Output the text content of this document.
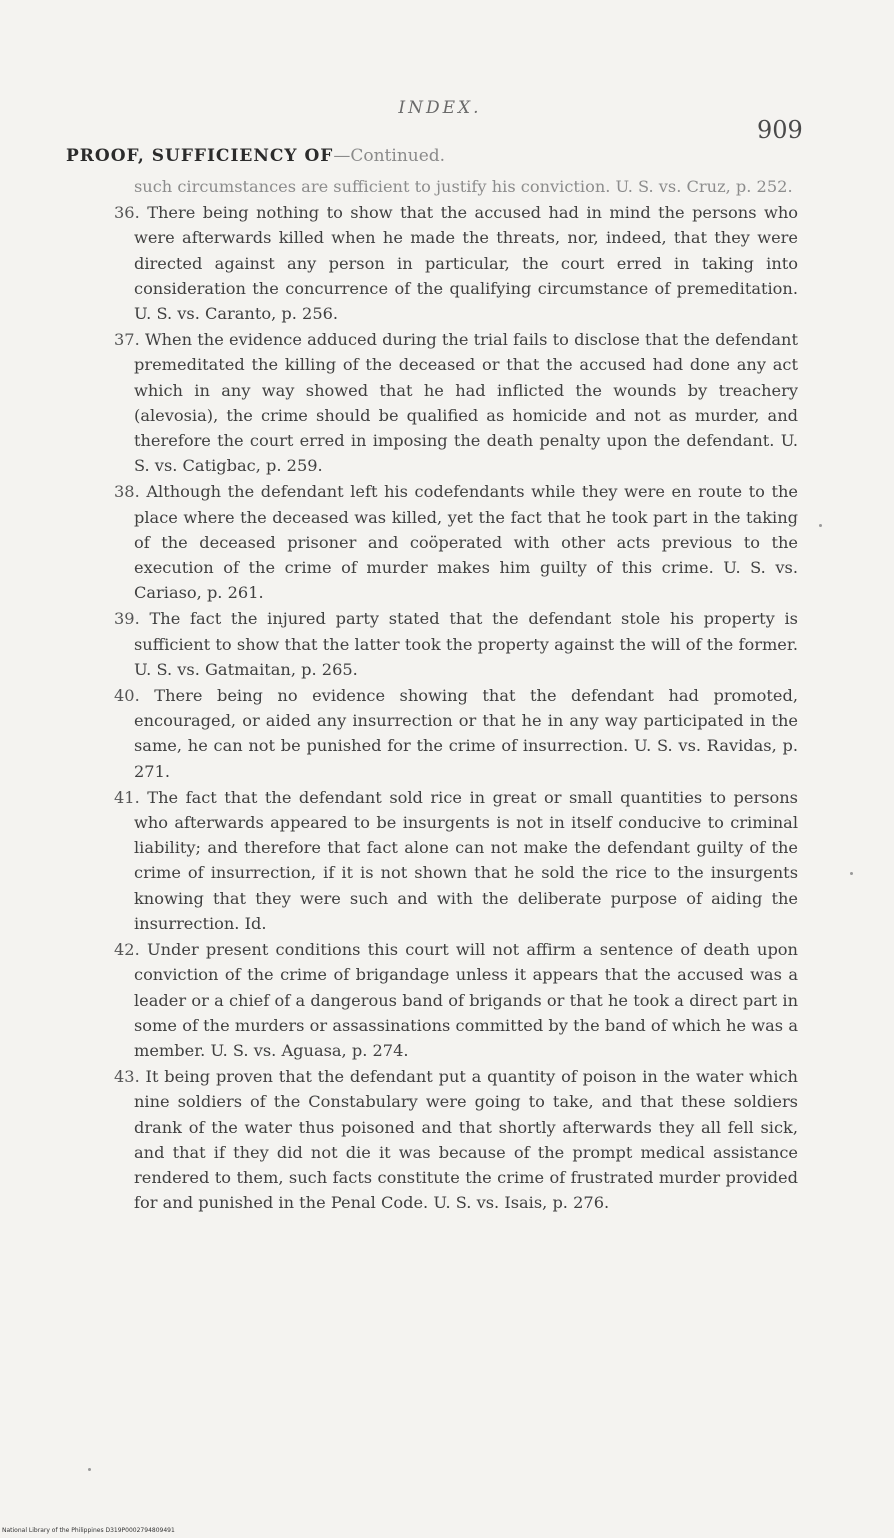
INDEX.
909
PROOF, SUFFICIENCY OF—Continued.

such circumstances are sufficient to justify his conviction. U. S. vs. Cruz, p. 252.

36. There being nothing to show that the accused had in mind the persons who were afterwards killed when he made the threats, nor, indeed, that they were directed against any person in particular, the court erred in taking into consideration the concurrence of the qualifying circumstance of premeditation. U. S. vs. Caranto, p. 256.

37. When the evidence adduced during the trial fails to disclose that the defendant premeditated the killing of the deceased or that the accused had done any act which in any way showed that he had inflicted the wounds by treachery (alevosia), the crime should be qualified as homicide and not as murder, and therefore the court erred in imposing the death penalty upon the defendant. U. S. vs. Catigbac, p. 259.

38. Although the defendant left his codefendants while they were en route to the place where the deceased was killed, yet the fact that he took part in the taking of the deceased prisoner and coöperated with other acts previous to the execution of the crime of murder makes him guilty of this crime. U. S. vs. Cariaso, p. 261.

39. The fact the injured party stated that the defendant stole his property is sufficient to show that the latter took the property against the will of the former. U. S. vs. Gatmaitan, p. 265.

40. There being no evidence showing that the defendant had promoted, encouraged, or aided any insurrection or that he in any way participated in the same, he can not be punished for the crime of insurrection. U. S. vs. Ravidas, p. 271.

41. The fact that the defendant sold rice in great or small quantities to persons who afterwards appeared to be insurgents is not in itself conducive to criminal liability; and therefore that fact alone can not make the defendant guilty of the crime of insurrection, if it is not shown that he sold the rice to the insurgents knowing that they were such and with the deliberate purpose of aiding the insurrection. Id.

42. Under present conditions this court will not affirm a sentence of death upon conviction of the crime of brigandage unless it appears that the accused was a leader or a chief of a dangerous band of brigands or that he took a direct part in some of the murders or assassinations committed by the band of which he was a member. U. S. vs. Aguasa, p. 274.

43. It being proven that the defendant put a quantity of poison in the water which nine soldiers of the Constabulary were going to take, and that these soldiers drank of the water thus poisoned and that shortly afterwards they all fell sick, and that if they did not die it was because of the prompt medical assistance rendered to them, such facts constitute the crime of frustrated murder provided for and punished in the Penal Code. U. S. vs. Isais, p. 276.

National Library of the Philippines D319P0002794809491
